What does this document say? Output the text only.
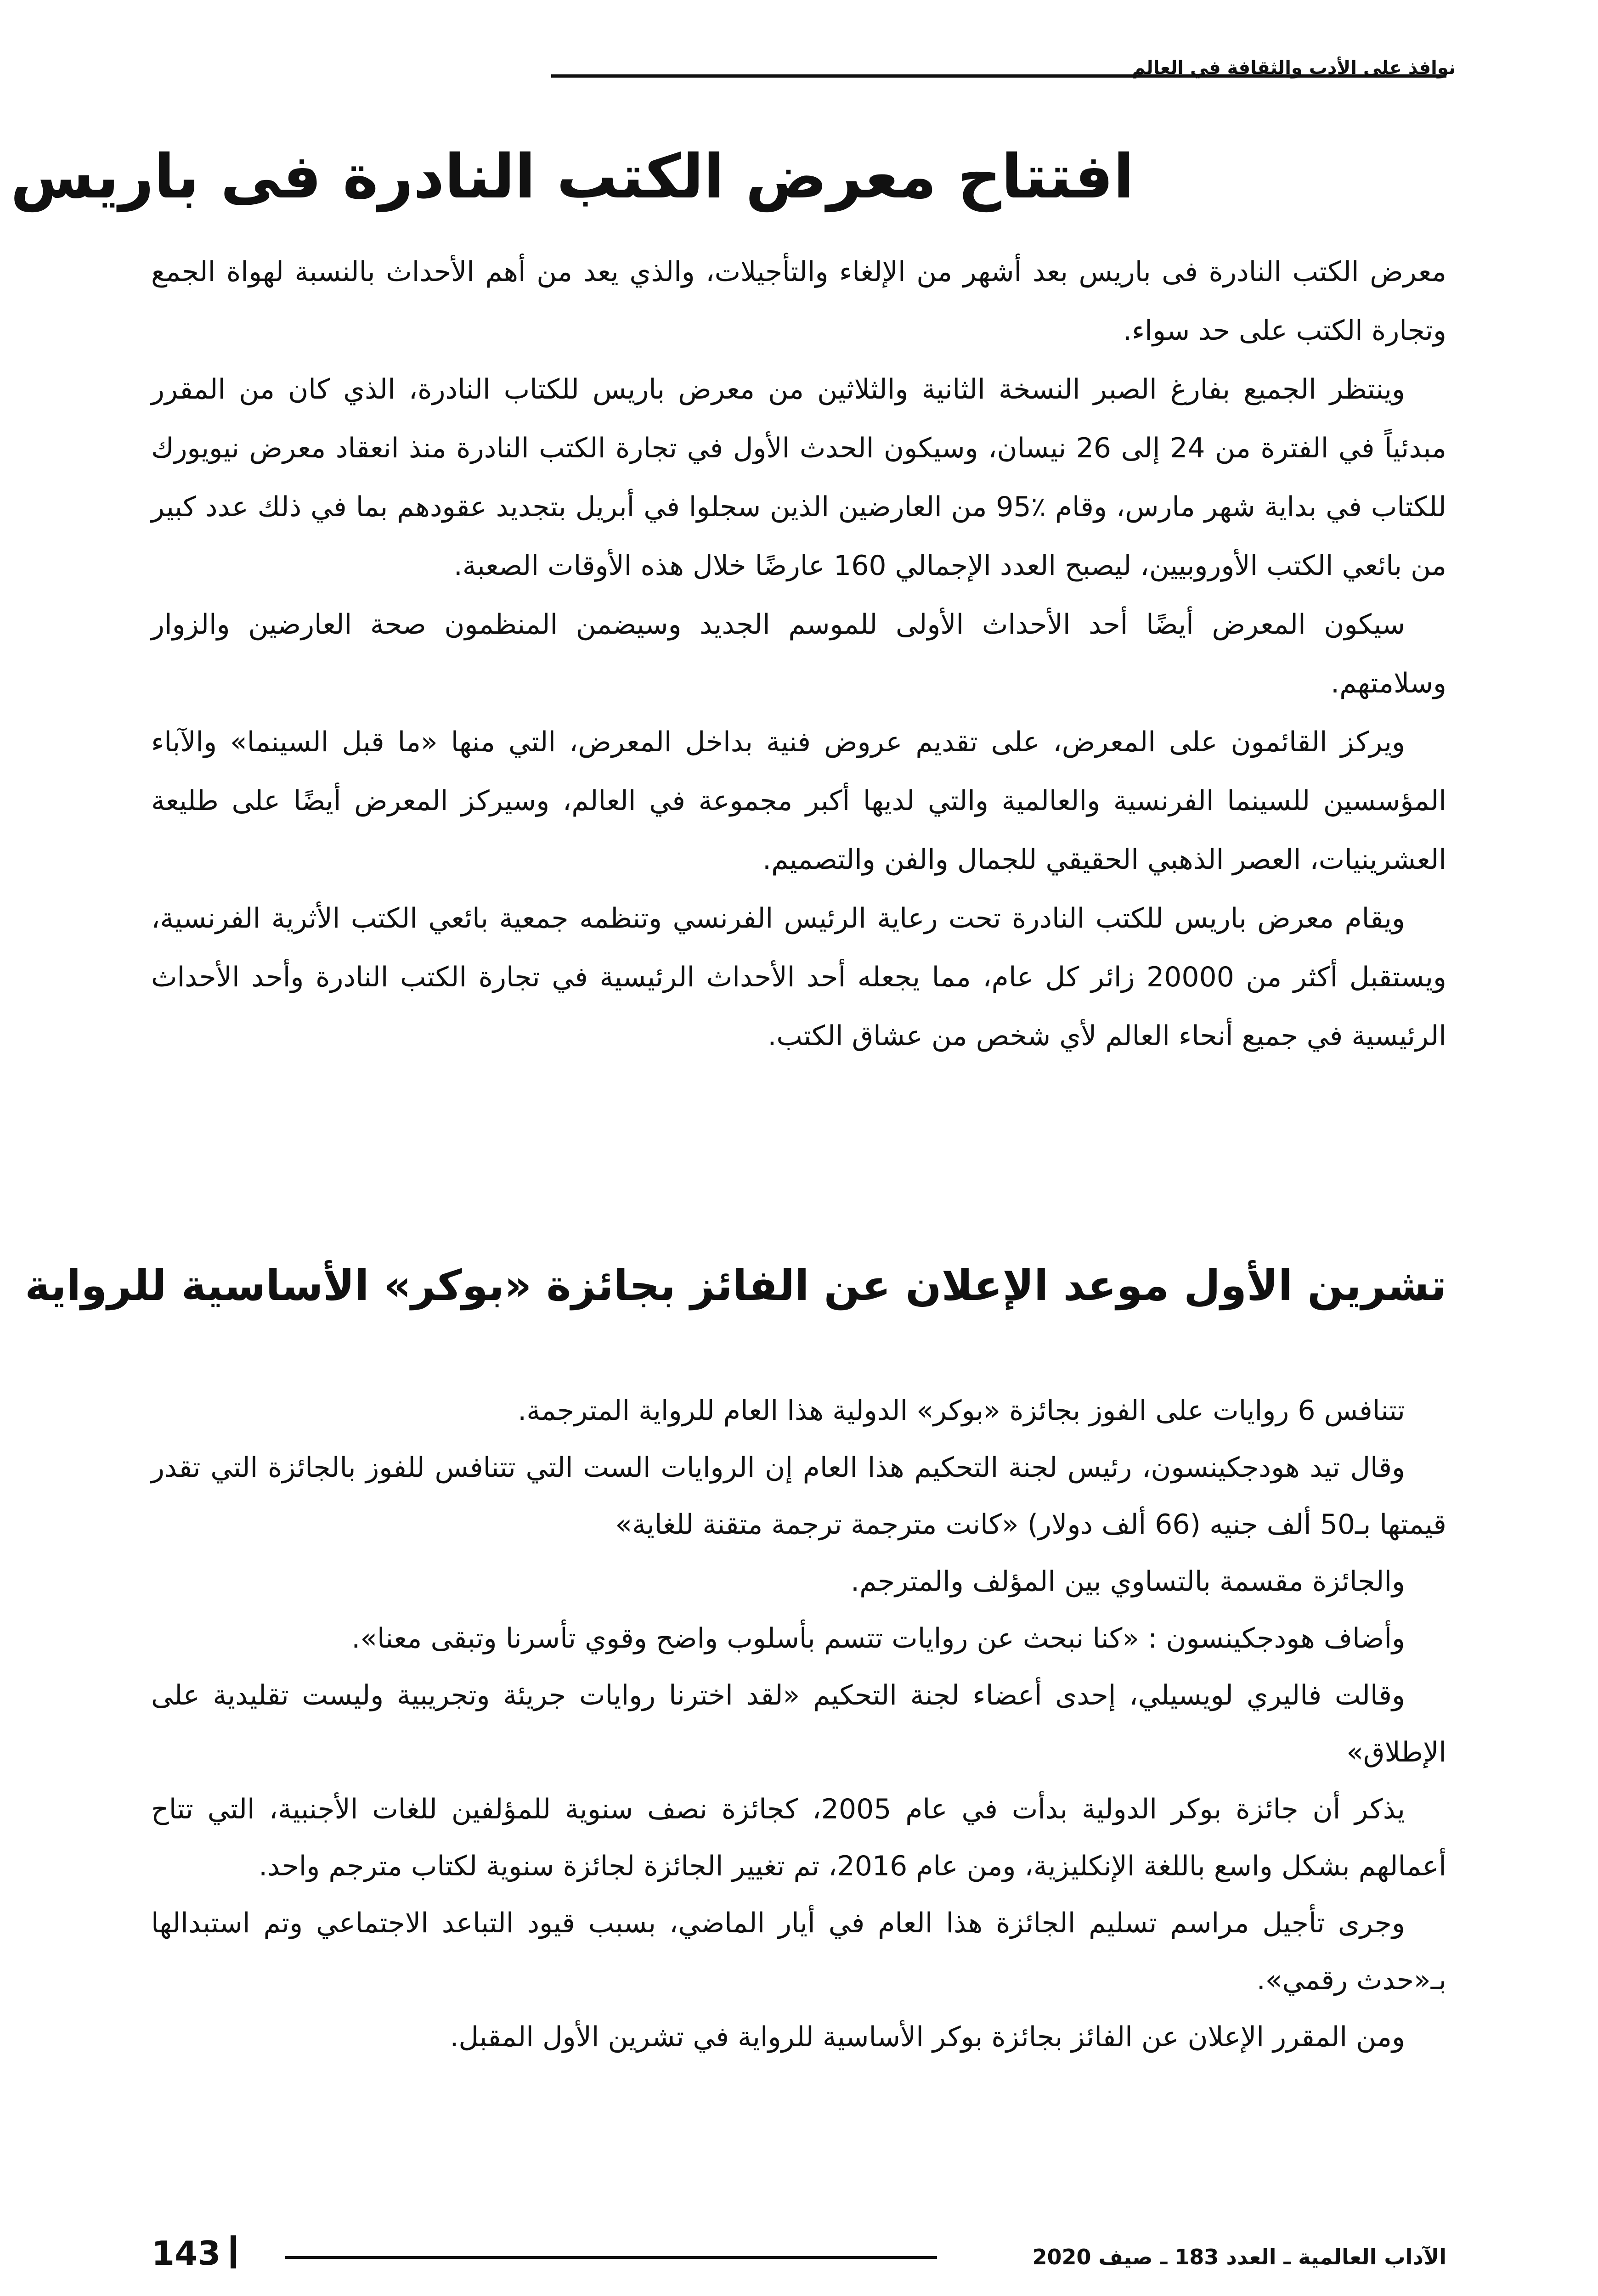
نوافذ على الأدب والثقافة في العالم
افتتاح معرض الكتب النادرة فى باريس

معرض الكتب النادرة فى باريس بعد أشهر من الإلغاء والتأجيلات، والذي يعد من أهم الأحداث بالنسبة لهواة الجمع وتجارة الكتب على حد سواء.

وينتظر الجميع بفارغ الصبر النسخة الثانية والثلاثين من معرض باريس للكتاب النادرة، الذي كان من المقرر مبدئياً في الفترة من 24 إلى 26 نيسان، وسيكون الحدث الأول في تجارة الكتب النادرة منذ انعقاد معرض نيويورك للكتاب في بداية شهر مارس، وقام ٪95 من العارضين الذين سجلوا في أبريل بتجديد عقودهم بما في ذلك عدد كبير من بائعي الكتب الأوروبيين، ليصبح العدد الإجمالي 160 عارضًا خلال هذه الأوقات الصعبة.

سيكون المعرض أيضًا أحد الأحداث الأولى للموسم الجديد وسيضمن المنظمون صحة العارضين والزوار وسلامتهم.

ويركز القائمون على المعرض، على تقديم عروض فنية بداخل المعرض، التي منها «ما قبل السينما» والآباء المؤسسين للسينما الفرنسية والعالمية والتي لديها أكبر مجموعة في العالم، وسيركز المعرض أيضًا على طليعة العشرينيات، العصر الذهبي الحقيقي للجمال والفن والتصميم.

ويقام معرض باريس للكتب النادرة تحت رعاية الرئيس الفرنسي وتنظمه جمعية بائعي الكتب الأثرية الفرنسية، ويستقبل أكثر من 20000 زائر كل عام، مما يجعله أحد الأحداث الرئيسية في تجارة الكتب النادرة وأحد الأحداث الرئيسية في جميع أنحاء العالم لأي شخص من عشاق الكتب.

تشرين الأول موعد الإعلان عن الفائز بجائزة «بوكر» الأساسية للرواية

تتنافس 6 روايات على الفوز بجائزة «بوكر» الدولية هذا العام للرواية المترجمة.

وقال تيد هودجكينسون، رئيس لجنة التحكيم هذا العام إن الروايات الست التي تتنافس للفوز بالجائزة التي تقدر قيمتها بـ50 ألف جنيه (66 ألف دولار) «كانت مترجمة ترجمة متقنة للغاية»

والجائزة مقسمة بالتساوي بين المؤلف والمترجم.

وأضاف هودجكينسون : «كنا نبحث عن روايات تتسم بأسلوب واضح وقوي تأسرنا وتبقى معنا».

وقالت فاليري لويسيلي، إحدى أعضاء لجنة التحكيم «لقد اخترنا روايات جريئة وتجريبية وليست تقليدية على الإطلاق»

يذكر أن جائزة بوكر الدولية بدأت في عام 2005، كجائزة نصف سنوية للمؤلفين للغات الأجنبية، التي تتاح أعمالهم بشكل واسع باللغة الإنكليزية، ومن عام 2016، تم تغيير الجائزة لجائزة سنوية لكتاب مترجم واحد.

وجرى تأجيل مراسم تسليم الجائزة هذا العام في أيار الماضي، بسبب قيود التباعد الاجتماعي وتم استبدالها بـ«حدث رقمي».

ومن المقرر الإعلان عن الفائز بجائزة بوكر الأساسية للرواية في تشرين الأول المقبل.

الآداب العالمية ـ العدد 183 ـ صيف 2020
143
